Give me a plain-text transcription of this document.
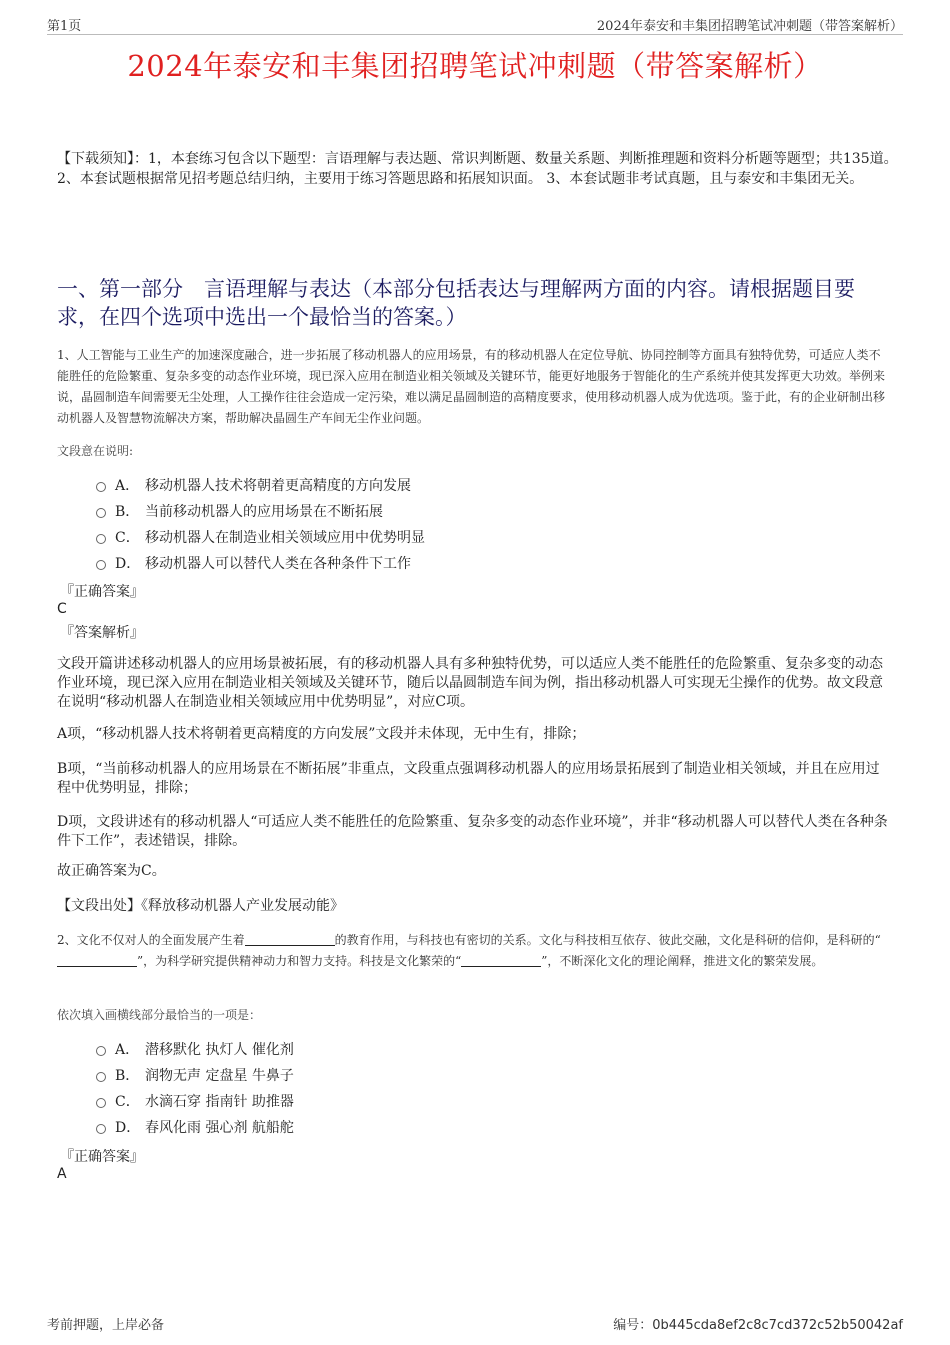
第1页	2024年泰安和丰集团招聘笔试冲刺题（带答案解析）
2024年泰安和丰集团招聘笔试冲刺题（带答案解析）
【下载须知】：1，本套练习包含以下题型：言语理解与表达题、常识判断题、数量关系题、判断推理题和资料分析题等题型；共135道。 2、本套试题根据常见招考题总结归纳，主要用于练习答题思路和拓展知识面。 3、本套试题非考试真题，且与泰安和丰集团无关。
一、第一部分　言语理解与表达（本部分包括表达与理解两方面的内容。请根据题目要求，在四个选项中选出一个最恰当的答案。）
1、人工智能与工业生产的加速深度融合，进一步拓展了移动机器人的应用场景，有的移动机器人在定位导航、协同控制等方面具有独特优势，可适应人类不能胜任的危险繁重、复杂多变的动态作业环境，现已深入应用在制造业相关领域及关键环节，能更好地服务于智能化的生产系统并使其发挥更大功效。举例来说，晶圆制造车间需要无尘处理，人工操作往往会造成一定污染，难以满足晶圆制造的高精度要求，使用移动机器人成为优选项。鉴于此，有的企业研制出移动机器人及智慧物流解决方案，帮助解决晶圆生产车间无尘作业问题。
文段意在说明:
A． 移动机器人技术将朝着更高精度的方向发展
B． 当前移动机器人的应用场景在不断拓展
C． 移动机器人在制造业相关领域应用中优势明显
D． 移动机器人可以替代人类在各种条件下工作
『正确答案』
C
『答案解析』
文段开篇讲述移动机器人的应用场景被拓展，有的移动机器人具有多种独特优势，可以适应人类不能胜任的危险繁重、复杂多变的动态作业环境，现已深入应用在制造业相关领域及关键环节，随后以晶圆制造车间为例，指出移动机器人可实现无尘操作的优势。故文段意在说明“移动机器人在制造业相关领域应用中优势明显”，对应C项。
A项，“移动机器人技术将朝着更高精度的方向发展”文段并未体现，无中生有，排除；
B项，“当前移动机器人的应用场景在不断拓展”非重点，文段重点强调移动机器人的应用场景拓展到了制造业相关领域，并且在应用过程中优势明显，排除；
D项，文段讲述有的移动机器人“可适应人类不能胜任的危险繁重、复杂多变的动态作业环境”，并非“移动机器人可以替代人类在各种条件下工作”，表述错误，排除。
故正确答案为C。
【文段出处】《释放移动机器人产业发展动能》
2、文化不仅对人的全面发展产生着	的教育作用，与科技也有密切的关系。文化与科技相互依存、彼此交融，文化是科研的信仰，是科研的“”，为科学研究提供精神动力和智力支持。科技是文化繁荣的“	”，不断深化文化的理论阐释，推进文化的繁荣发展。
依次填入画横线部分最恰当的一项是：
A． 潜移默化 执灯人 催化剂
B． 润物无声 定盘星 牛鼻子
C． 水滴石穿 指南针 助推器
D． 春风化雨 强心剂 航船舵
『正确答案』
A
考前押题，上岸必备	编号：0b445cda8ef2c8c7cd372c52b50042af
